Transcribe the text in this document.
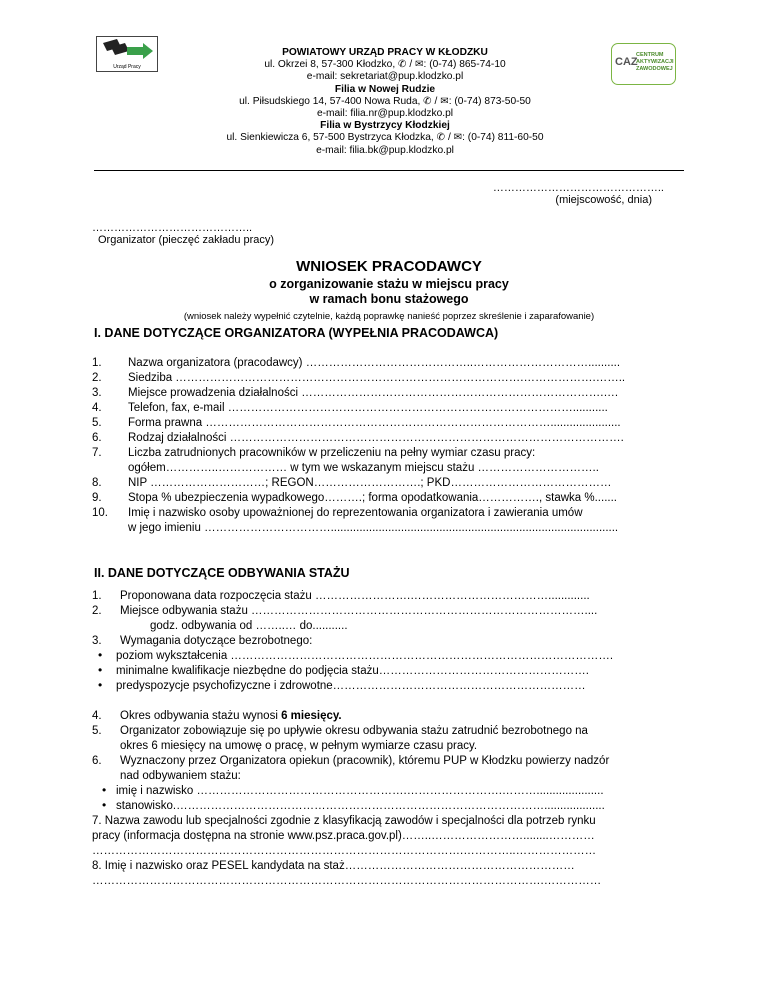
Urząd Pracy	CAZ
CENTRUM AKTYWIZACJI ZAWODOWEJ
POWIATOWY URZĄD PRACY W KŁODZKU
ul. Okrzei 8, 57-300 Kłodzko, ✆ / ✉: (0-74) 865-74-10
e-mail: sekretariat@pup.klodzko.pl
Filia w Nowej Rudzie
ul. Piłsudskiego 14, 57-400 Nowa Ruda, ✆ / ✉: (0-74) 873-50-50
e-mail: filia.nr@pup.klodzko.pl
Filia w Bystrzycy Kłodzkiej
ul. Sienkiewicza 6, 57-500 Bystrzyca Kłodzka, ✆ / ✉: (0-74) 811-60-50
e-mail: filia.bk@pup.klodzko.pl
………………………………………..
(miejscowość, dnia)
……………………………………..
Organizator (pieczęć zakładu pracy)
WNIOSEK PRACODAWCY
o zorganizowanie stażu w miejscu pracy
w ramach bonu stażowego
(wniosek należy wypełnić czytelnie, każdą poprawkę nanieść poprzez skreślenie i zaparafowanie)
I. DANE DOTYCZĄCE ORGANIZATORA (WYPEŁNIA PRACODAWCA)
1. Nazwa organizatora (pracodawcy) ……………………………………..…………………………..........
2. Siedziba ……………………………………………………………………………….……………….……..
3. Miejsce prowadzenia działalności …………………………………………………………………….….
4. Telefon, fax, e-mail ………………………………………………………………………………...........
5. Forma prawna ………………………………………………………………………………......................
6. Rodzaj działalności ………………………………………………………………………………………….
7. Liczba zatrudnionych pracowników w przeliczeniu na pełny wymiar czasu pracy:
ogółem…………..……………… w tym we wskazanym miejscu stażu …………………………..
8. NIP …………………………; REGON……………………….; PKD……………………………………
9. Stopa % ubezpieczenia wypadkowego……….; forma opodatkowania……………., stawka %.......
10. Imię i nazwisko osoby upoważnionej do reprezentowania organizatora i zawierania umów
w jego imieniu ……………………………..........................................................................................
II. DANE DOTYCZĄCE ODBYWANIA STAŻU
1. Proponowana data rozpoczęcia stażu …………………….……………………………….............
2. Miejsce odbywania stażu ……………………………………………………………………………....
godz. odbywania od ……..… do...........
3. Wymagania dotyczące bezrobotnego:
• poziom wykształcenia ……………………………………………………………………………………….
• minimalne kwalifikacje niezbędne do podjęcia stażu……………………………………………….
• predyspozycje psychofizyczne i zdrowotne…………………………………………………………
4. Okres odbywania stażu wynosi 6 miesięcy.
5. Organizator zobowiązuje się po upływie okresu odbywania stażu zatrudnić bezrobotnego na
okres 6 miesięcy na umowę o pracę, w pełnym wymiarze czasu pracy.
6. Wyznaczony przez Organizatora opiekun (pracownik), któremu PUP w Kłodzku powierzy nadzór
nad odbywaniem stażu:
• imię i nazwisko ……………………………………………….…………………….……….....................
• stanowisko.……………………………………………………………………………………...................
7. Nazwa zawodu lub specjalności zgodnie z klasyfikacją zawodów i specjalności dla potrzeb rynku
pracy (informacja dostępna na stronie www.psz.praca.gov.pl)……..……………………........…………
…………………………………………………………………………………….…………..…………………
8. Imię i nazwisko oraz PESEL kandydata na staż……………………………………………………
……………………………………………………………………………………………………….……………
